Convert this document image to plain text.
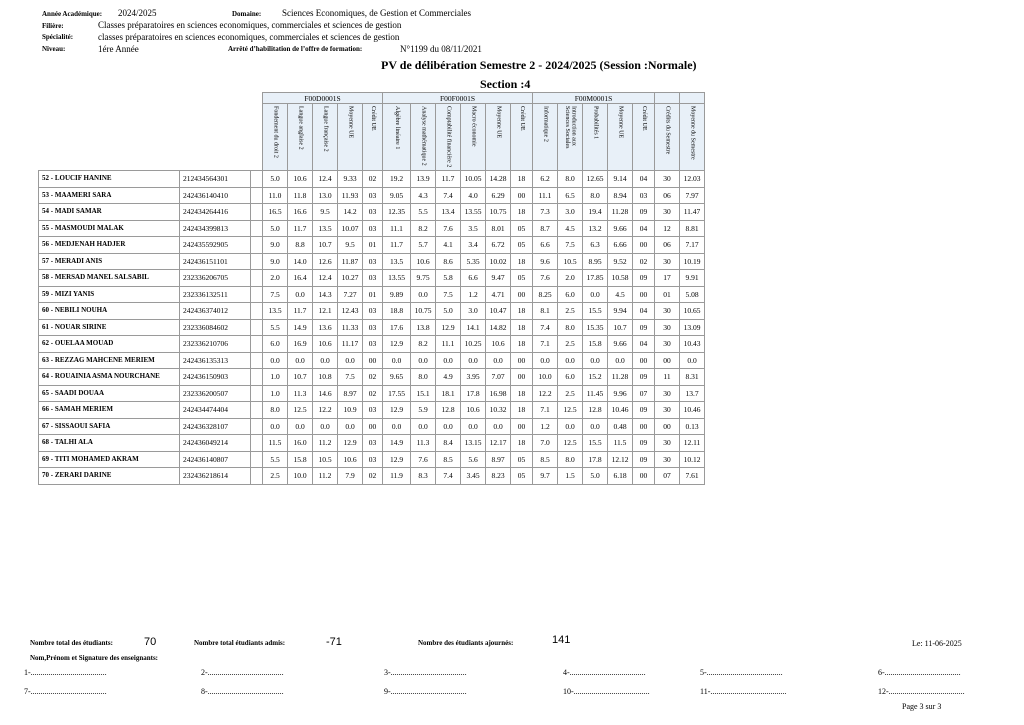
Année Académique: 2024/2025	Domaine: Sciences Economiques, de Gestion et Commerciales
Filière:	Classes préparatoires en sciences economiques, commerciales et sciences de gestion
Spécialité:	classes préparatoires en sciences economiques, commerciales et sciences de gestion
Niveau:	1ére Année	Arrêté d’habilitation de l’offre de formation:	N°1199 du 08/11/2021
PV de délibération Semestre 2 - 2024/2025 (Session :Normale)
Section :4
			F00D0001S					F00F0001S						F00M0001S						
			Fondement du droit 2	Langue anglaise 2	Langue française 2	Moyenne UE	Crédit UE	Algèbre linéaire 1	Analyse mathématique 2	Comptabilité financière 2	Macro économie	Moyenne UE	Crédit UE	Informatique 2	Introduction aux Sciences Sociales	Probabilités 1	Moyenne UE	Crédit UE	Crédits du Semestre	Moyenne du Semestre
52 - LOUCIF HANINE	212434564301		5.0	10.6	12.4	9.33	02	19.2	13.9	11.7	10.05	14.28	18	6.2	8.0	12.65	9.14	04	30	12.03
53 - MAAMERI SARA	242436140410		11.0	11.8	13.0	11.93	03	9.05	4.3	7.4	4.0	6.29	00	11.1	6.5	8.0	8.94	03	06	7.97
54 - MADI SAMAR	242434264416		16.5	16.6	9.5	14.2	03	12.35	5.5	13.4	13.55	10.75	18	7.3	3.0	19.4	11.28	09	30	11.47
55 - MASMOUDI MALAK	242434399813		5.0	11.7	13.5	10.07	03	11.1	8.2	7.6	3.5	8.01	05	8.7	4.5	13.2	9.66	04	12	8.81
56 - MEDJENAH HADJER	242435592905		9.0	8.8	10.7	9.5	01	11.7	5.7	4.1	3.4	6.72	05	6.6	7.5	6.3	6.66	00	06	7.17
57 - MERADI ANIS	242436151101		9.0	14.0	12.6	11.87	03	13.5	10.6	8.6	5.35	10.02	18	9.6	10.5	8.95	9.52	02	30	10.19
58 - MERSAD MANEL SALSABIL	232336206705		2.0	16.4	12.4	10.27	03	13.55	9.75	5.8	6.6	9.47	05	7.6	2.0	17.85	10.58	09	17	9.91
59 - MIZI YANIS	232336132511		7.5	0.0	14.3	7.27	01	9.89	0.0	7.5	1.2	4.71	00	8.25	6.0	0.0	4.5	00	01	5.08
60 - NEBILI NOUHA	242436374012		13.5	11.7	12.1	12.43	03	18.8	10.75	5.0	3.0	10.47	18	8.1	2.5	15.5	9.94	04	30	10.65
61 - NOUAR SIRINE	232336084602		5.5	14.9	13.6	11.33	03	17.6	13.8	12.9	14.1	14.82	18	7.4	8.0	15.35	10.7	09	30	13.09
62 - OUELAA MOUAD	232336210706		6.0	16.9	10.6	11.17	03	12.9	8.2	11.1	10.25	10.6	18	7.1	2.5	15.8	9.66	04	30	10.43
63 - REZZAG MAHCENE MERIEM	242436135313		0.0	0.0	0.0	0.0	00	0.0	0.0	0.0	0.0	0.0	00	0.0	0.0	0.0	0.0	00	00	0.0
64 - ROUAINIA ASMA NOURCHANE	242436150903		1.0	10.7	10.8	7.5	02	9.65	8.0	4.9	3.95	7.07	00	10.0	6.0	15.2	11.28	09	11	8.31
65 - SAADI DOUAA	232336200507		1.0	11.3	14.6	8.97	02	17.55	15.1	18.1	17.8	16.98	18	12.2	2.5	11.45	9.96	07	30	13.7
66 - SAMAH MERIEM	242434474404		8.0	12.5	12.2	10.9	03	12.9	5.9	12.8	10.6	10.32	18	7.1	12.5	12.8	10.46	09	30	10.46
67 - SISSAOUI SAFIA	242436328107		0.0	0.0	0.0	0.0	00	0.0	0.0	0.0	0.0	0.0	00	1.2	0.0	0.0	0.48	00	00	0.13
68 - TALHI ALA	242436049214		11.5	16.0	11.2	12.9	03	14.9	11.3	8.4	13.15	12.17	18	7.0	12.5	15.5	11.5	09	30	12.11
69 - TITI MOHAMED AKRAM	242436140807		5.5	15.8	10.5	10.6	03	12.9	7.6	8.5	5.6	8.97	05	8.5	8.0	17.8	12.12	09	30	10.12
70 - ZERARI DARINE	232436218614		2.5	10.0	11.2	7.9	02	11.9	8.3	7.4	3.45	8.23	05	9.7	1.5	5.0	6.18	00	07	7.61
Nombre total des étudiants:	70	Nombre total étudiants admis:	-71	Nombre des étudiants ajournés:	141	Le: 11-06-2025
Nom,Prénom et Signature des enseignants:
1-......................................	2-......................................	3-......................................	4-......................................	5-......................................	6-......................................
7-......................................	8-......................................	9-......................................	10-......................................	11-......................................	12-......................................
Page 3 sur 3
